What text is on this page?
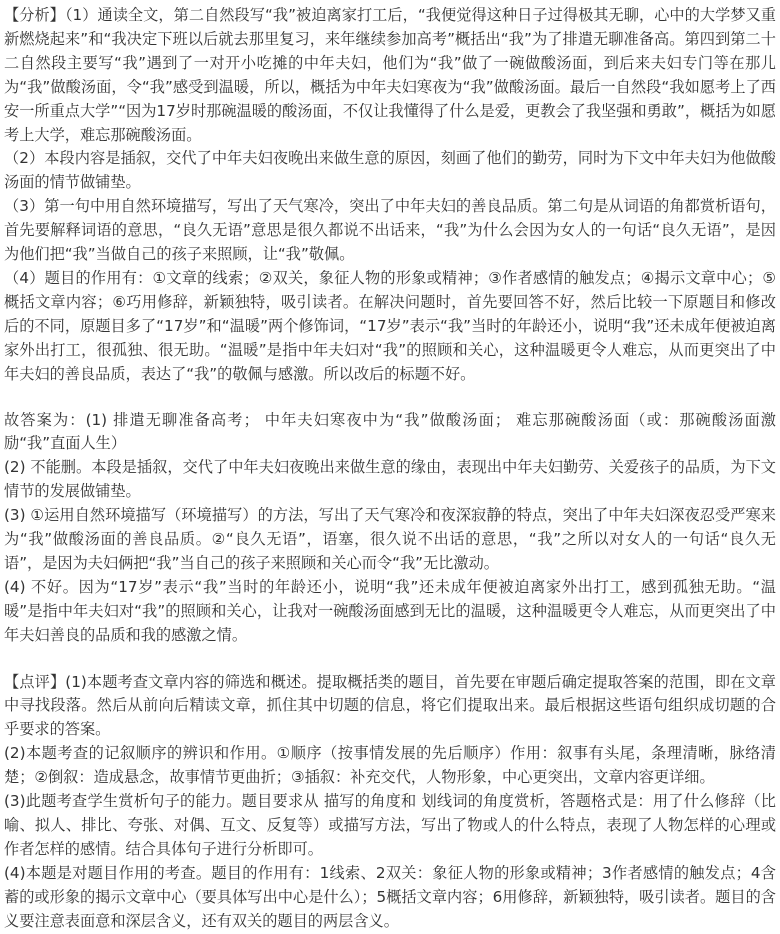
【分析】（1）通读全文，第二自然段写“我”被迫离家打工后，“我便觉得这种日子过得极其无聊，心中的大学梦又重新燃烧起来”和“我决定下班以后就去那里复习，来年继续参加高考”概括出“我”为了排遣无聊准备高。第四到第二十二自然段主要写“我”遇到了一对开小吃摊的中年夫妇，他们为“我”做了一碗做酸汤面，到后来夫妇专门等在那儿为“我”做酸汤面，令“我”感受到温暖，所以，概括为中年夫妇寒夜为“我”做酸汤面。最后一自然段“我如愿考上了西安一所重点大学”“因为17岁时那碗温暖的酸汤面，不仅让我懂得了什么是爱，更教会了我坚强和勇敢”，概括为如愿考上大学，难忘那碗酸汤面。

（2）本段内容是插叙，交代了中年夫妇夜晚出来做生意的原因，刻画了他们的勤劳，同时为下文中年夫妇为他做酸汤面的情节做铺垫。

（3）第一句中用自然环境描写，写出了天气寒冷，突出了中年夫妇的善良品质。第二句是从词语的角都赏析语句，首先要解释词语的意思，“良久无语”意思是很久都说不出话来，“我”为什么会因为女人的一句话“良久无语”，是因为他们把“我”当做自己的孩子来照顾，让“我”敬佩。

（4）题目的作用有：①文章的线索；②双关，象征人物的形象或精神；③作者感情的触发点；④揭示文章中心；⑤概括文章内容；⑥巧用修辞，新颖独特，吸引读者。在解决问题时，首先要回答不好，然后比较一下原题目和修改后的不同，原题目多了“17岁”和“温暖”两个修饰词，“17岁”表示“我”当时的年龄还小，说明“我”还未成年便被迫离家外出打工，很孤独、很无助。“温暖”是指中年夫妇对“我”的照顾和关心，这种温暖更令人难忘，从而更突出了中年夫妇的善良品质，表达了“我”的敬佩与感激。所以改后的标题不好。

故答案为：(1) 排遣无聊准备高考； 中年夫妇寒夜中为“我”做酸汤面； 难忘那碗酸汤面（或：那碗酸汤面激励“我”直面人生）

(2) 不能删。本段是插叙，交代了中年夫妇夜晚出来做生意的缘由，表现出中年夫妇勤劳、关爱孩子的品质，为下文情节的发展做铺垫。

(3) ①运用自然环境描写（环境描写）的方法，写出了天气寒冷和夜深寂静的特点，突出了中年夫妇深夜忍受严寒来为“我”做酸汤面的善良品质。②“良久无语”，语塞，很久说不出话的意思，“我”之所以对女人的一句话“良久无语”，是因为夫妇俩把“我”当自己的孩子来照顾和关心而令“我”无比激动。

(4) 不好。因为“17岁”表示“我”当时的年龄还小，说明“我”还未成年便被迫离家外出打工，感到孤独无助。“温暖”是指中年夫妇对“我”的照顾和关心，让我对一碗酸汤面感到无比的温暖，这种温暖更令人难忘，从而更突出了中年夫妇善良的品质和我的感激之情。

【点评】(1)本题考查文章内容的筛选和概述。提取概括类的题目，首先要在审题后确定提取答案的范围，即在文章中寻找段落。然后从前向后精读文章，抓住其中切题的信息，将它们提取出来。最后根据这些语句组织成切题的合乎要求的答案。

(2)本题考查的记叙顺序的辨识和作用。①顺序（按事情发展的先后顺序）作用：叙事有头尾，条理清晰，脉络清楚；②倒叙：造成悬念，故事情节更曲折；③插叙：补充交代，人物形象，中心更突出，文章内容更详细。

(3)此题考查学生赏析句子的能力。题目要求从 描写的角度和 划线词的角度赏析，答题格式是：用了什么修辞（比喻、拟人、排比、夸张、对偶、互文、反复等）或描写方法，写出了物或人的什么特点，表现了人物怎样的心理或作者怎样的感情。结合具体句子进行分析即可。

(4)本题是对题目作用的考查。题目的作用有：1线索、2双关：象征人物的形象或精神；3作者感情的触发点；4含蓄的或形象的揭示文章中心（要具体写出中心是什么）；5概括文章内容；6用修辞，新颖独特，吸引读者。题目的含义要注意表面意和深层含义，还有双关的题目的两层含义。
